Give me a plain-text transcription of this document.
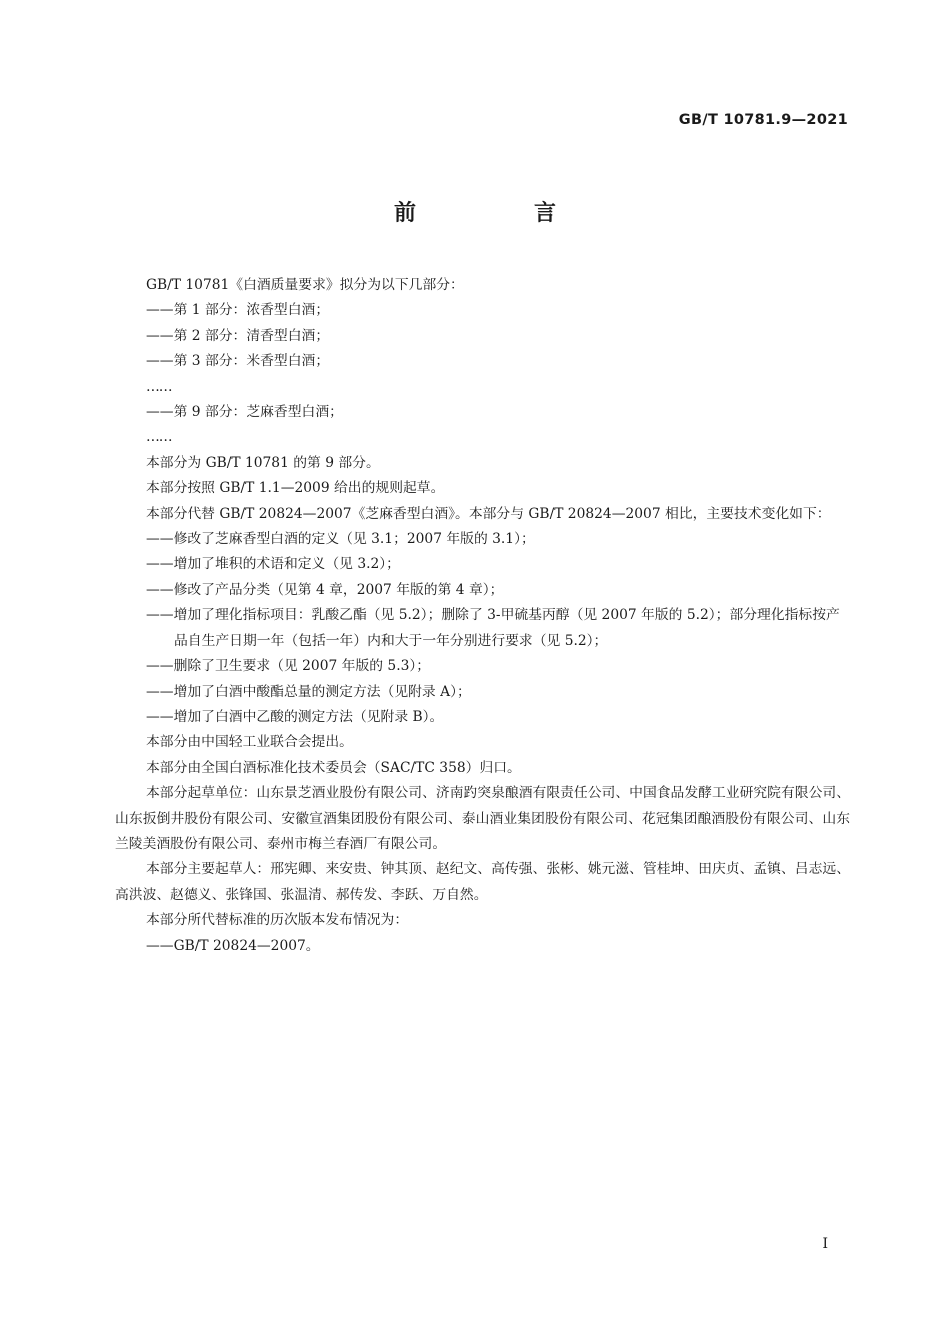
GB/T 10781.9—2021
前　言

GB/T 10781《白酒质量要求》拟分为以下几部分：

——第 1 部分：浓香型白酒；

——第 2 部分：清香型白酒；

——第 3 部分：米香型白酒；

……

——第 9 部分：芝麻香型白酒；

……

本部分为 GB/T 10781 的第 9 部分。

本部分按照 GB/T 1.1—2009 给出的规则起草。

本部分代替 GB/T 20824—2007《芝麻香型白酒》。本部分与 GB/T 20824—2007 相比，主要技术变化如下：

——修改了芝麻香型白酒的定义（见 3.1；2007 年版的 3.1）；

——增加了堆积的术语和定义（见 3.2）；

——修改了产品分类（见第 4 章，2007 年版的第 4 章）；

——增加了理化指标项目：乳酸乙酯（见 5.2）；删除了 3-甲硫基丙醇（见 2007 年版的 5.2）；部分理化指标按产品自生产日期一年（包括一年）内和大于一年分别进行要求（见 5.2）；

——删除了卫生要求（见 2007 年版的 5.3）；

——增加了白酒中酸酯总量的测定方法（见附录 A）；

——增加了白酒中乙酸的测定方法（见附录 B）。

本部分由中国轻工业联合会提出。

本部分由全国白酒标准化技术委员会（SAC/TC 358）归口。

本部分起草单位：山东景芝酒业股份有限公司、济南趵突泉酿酒有限责任公司、中国食品发酵工业研究院有限公司、山东扳倒井股份有限公司、安徽宣酒集团股份有限公司、泰山酒业集团股份有限公司、花冠集团酿酒股份有限公司、山东兰陵美酒股份有限公司、泰州市梅兰春酒厂有限公司。

本部分主要起草人：邢宪卿、来安贵、钟其顶、赵纪文、高传强、张彬、姚元滋、管桂坤、田庆贞、孟镇、吕志远、高洪波、赵德义、张锋国、张温清、郝传发、李跃、万自然。

本部分所代替标准的历次版本发布情况为：

——GB/T 20824—2007。

I
